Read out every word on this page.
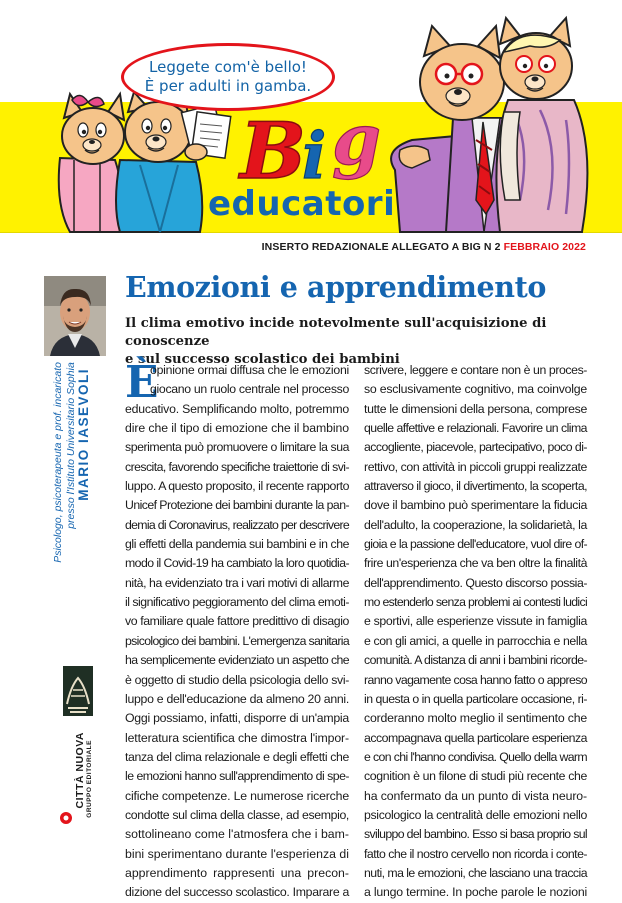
Leggete com'è bello!
È per adulti in gamba.
B
i g
educatori
INSERTO REDAZIONALE ALLEGATO A BIG N 2 FEBBRAIO 2022
MARIO IASEVOLI
Psicologo, psicoterapeuta e prof. incaricato
presso l'Istituto Universitario Sophia
CITTÀ NUOVA GRUPPO EDITORIALE
Emozioni e apprendimento
Il clima emotivo incide notevolmente sull'acquisizione di conoscenze
e sul successo scolastico dei bambini
È
opinione ormai diffusa che le emozioni
giocano un ruolo centrale nel processo
educativo. Semplificando molto, potremmo
dire che il tipo di emozione che il bambino
sperimenta può promuovere o limitare la sua
crescita, favorendo specifiche traiettorie di svi-
luppo. A questo proposito, il recente rapporto
Unicef Protezione dei bambini durante la pan-
demia di Coronavirus, realizzato per descrivere
gli effetti della pandemia sui bambini e in che
modo il Covid-19 ha cambiato la loro quotidia-
nità, ha evidenziato tra i vari motivi di allarme
il significativo peggioramento del clima emoti-
vo familiare quale fattore predittivo di disagio
psicologico dei bambini. L'emergenza sanitaria
ha semplicemente evidenziato un aspetto che
è oggetto di studio della psicologia dello svi-
luppo e dell'educazione da almeno 20 anni.
Oggi possiamo, infatti, disporre di un'ampia
letteratura scientifica che dimostra l'impor-
tanza del clima relazionale e degli effetti che
le emozioni hanno sull'apprendimento di spe-
cifiche competenze. Le numerose ricerche
condotte sul clima della classe, ad esempio,
sottolineano come l'atmosfera che i bam-
bini sperimentano durante l'esperienza di
apprendimento rappresenti una precon-
dizione del successo scolastico. Imparare a
scrivere, leggere e contare non è un proces-
so esclusivamente cognitivo, ma coinvolge
tutte le dimensioni della persona, comprese
quelle affettive e relazionali. Favorire un clima
accogliente, piacevole, partecipativo, poco di-
rettivo, con attività in piccoli gruppi realizzate
attraverso il gioco, il divertimento, la scoperta,
dove il bambino può sperimentare la fiducia
dell'adulto, la cooperazione, la solidarietà, la
gioia e la passione dell'educatore, vuol dire of-
frire un'esperienza che va ben oltre la finalità
dell'apprendimento. Questo discorso possia-
mo estenderlo senza problemi ai contesti ludici
e sportivi, alle esperienze vissute in famiglia
e con gli amici, a quelle in parrocchia e nella
comunità. A distanza di anni i bambini ricorde-
ranno vagamente cosa hanno fatto o appreso
in questa o in quella particolare occasione, ri-
corderanno molto meglio il sentimento che
accompagnava quella particolare esperienza
e con chi l'hanno condivisa. Quello della warm
cognition è un filone di studi più recente che
ha confermato da un punto di vista neuro-
psicologico la centralità delle emozioni nello
sviluppo del bambino. Esso si basa proprio sul
fatto che il nostro cervello non ricorda i conte-
nuti, ma le emozioni, che lasciano una traccia
a lungo termine. In poche parole le nozioni
